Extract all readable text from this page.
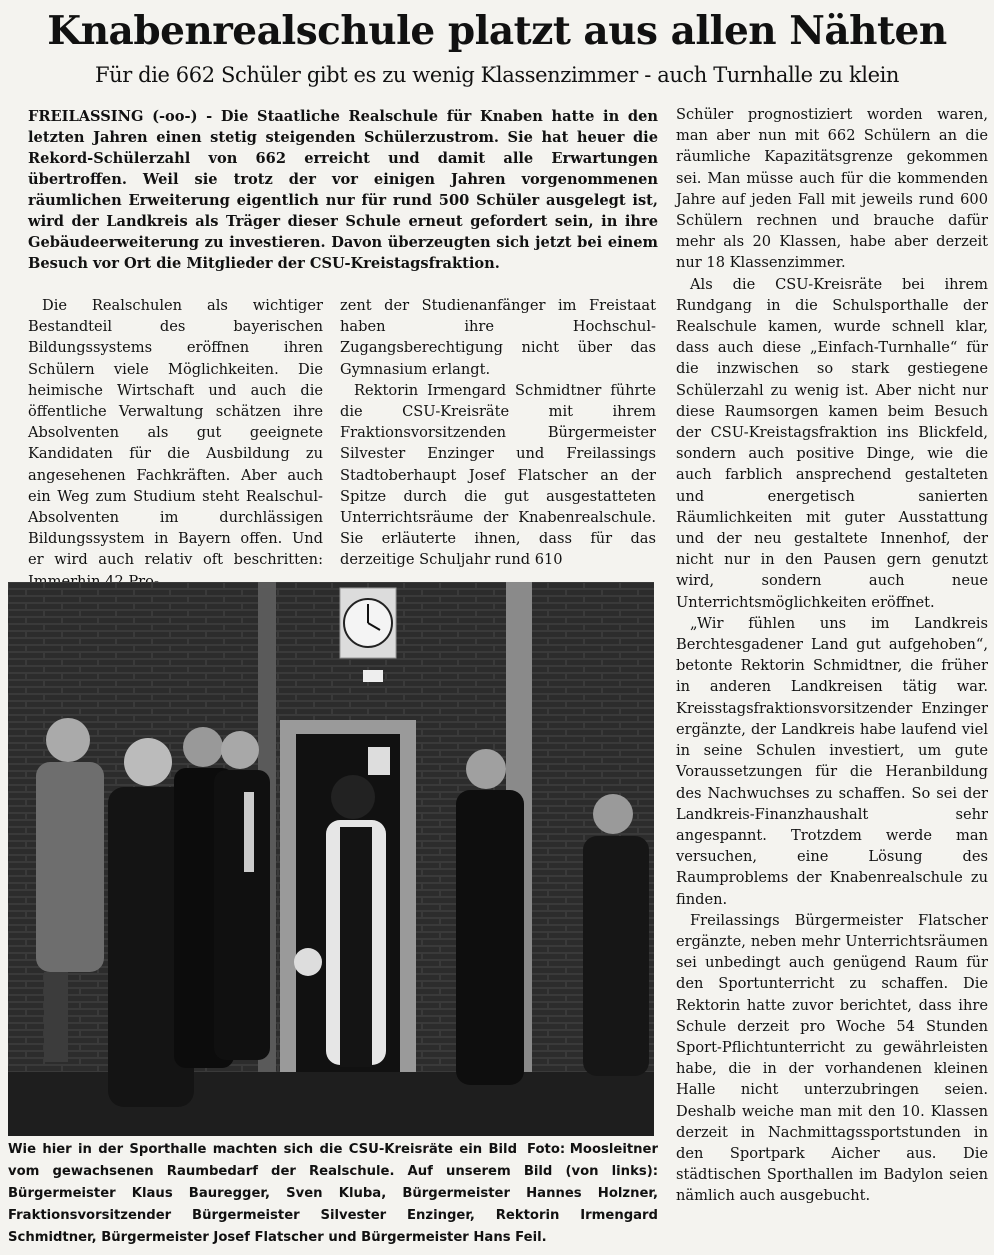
Knabenrealschule platzt aus allen Nähten
Für die 662 Schüler gibt es zu wenig Klassenzimmer - auch Turnhalle zu klein
FREILASSING (-oo-) - Die Staatliche Realschule für Knaben hatte in den letzten Jahren einen stetig steigenden Schülerzustrom. Sie hat heuer die Rekord-Schülerzahl von 662 erreicht und damit alle Erwartungen übertroffen. Weil sie trotz der vor einigen Jahren vorgenommenen räumlichen Erweiterung eigentlich nur für rund 500 Schüler ausgelegt ist, wird der Landkreis als Träger dieser Schule erneut gefordert sein, in ihre Gebäudeerweiterung zu investieren. Davon überzeugten sich jetzt bei einem Besuch vor Ort die Mitglieder der CSU-Kreistagsfraktion.

Die Realschulen als wichtiger Bestandteil des bayerischen Bildungssystems eröffnen ihren Schülern viele Möglichkeiten. Die heimische Wirtschaft und auch die öffentliche Verwaltung schätzen ihre Absolventen als gut geeignete Kandidaten für die Ausbildung zu angesehenen Fachkräften. Aber auch ein Weg zum Studium steht Realschul-Absolventen im durchlässigen Bildungssystem in Bayern offen. Und er wird auch relativ oft beschritten:

zent der Studienanfänger im Freistaat haben ihre Hochschul-Zugangsberechtigung nicht über das Gymnasium erlangt.

Rektorin Irmengard Schmidtner führte die CSU-Kreisräte mit ihrem Fraktionsvorsitzenden Bürgermeister Silvester Enzinger und Freilassings Stadtoberhaupt Josef Flatscher an der Spitze durch die gut ausgestatteten Unterrichtsräume der Knabenrealschule. Sie erläuterte ihnen, dass für das derzeitige Schuljahr rund 610

Schüler prognostiziert worden waren, man aber nun mit 662 Schülern an die räumliche Kapazitätsgrenze gekommen sei. Man müsse auch für die kommenden Jahre auf jeden Fall mit jeweils rund 600 Schülern rechnen und brauche dafür mehr als 20 Klassen, habe aber derzeit nur 18 Klassenzimmer.

Als die CSU-Kreisräte bei ihrem Rundgang in die Schulsporthalle der Realschule kamen, wurde schnell klar, dass auch diese „Einfach-Turnhalle“ für die inzwischen so stark gestiegene Schülerzahl zu wenig ist. Aber nicht nur diese Raumsorgen kamen beim Besuch der CSU-Kreistagsfraktion ins Blickfeld, sondern auch positive Dinge, wie die auch farblich ansprechend gestalteten und energetisch sanierten Räumlichkeiten mit guter Ausstattung und der neu gestaltete Innenhof, der nicht nur in den Pausen gern genutzt wird, sondern auch neue Unterrichtsmöglichkeiten eröffnet.

„Wir fühlen uns im Landkreis Berchtesgadener Land gut aufgehoben“, betonte Rektorin Schmidtner, die früher in anderen Landkreisen tätig war. Kreisstagsfraktionsvorsitzender Enzinger ergänzte, der Landkreis habe laufend viel in seine Schulen investiert, um gute Voraussetzungen für die Heranbildung des Nachwuchses zu schaffen. So sei der Landkreis-Finanzhaushalt sehr angespannt. Trotzdem werde man versuchen, eine Lösung des Raumproblems der Knabenrealschule zu finden.

Freilassings Bürgermeister Flatscher ergänzte, neben mehr Unterrichtsräumen sei unbedingt auch genügend Raum für den Sportunterricht zu schaffen. Die Rektorin hatte zuvor berichtet, dass ihre Schule derzeit pro Woche 54 Stunden Sport-Pflichtunterricht zu gewährleisten habe, die in der vorhandenen kleinen Halle nicht unterzubringen seien. Deshalb weiche man mit den 10. Klassen derzeit in Nachmittagssportstunden in den Sportpark Aicher aus. Die städtischen Sporthallen im Badylon seien nämlich auch ausgebucht.

Foto: Moosleitner
Wie hier in der Sporthalle machten sich die CSU-Kreisräte ein Bild vom gewachsenen Raumbedarf der Realschule. Auf unserem Bild (von links): Bürgermeister Klaus Bauregger, Sven Kluba, Bürgermeister Hannes Holzner, Fraktionsvorsitzender Bürgermeister Silvester Enzinger, Rektorin Irmengard Schmidtner, Bürgermeister Josef Flatscher und Bürgermeister Hans Feil.
